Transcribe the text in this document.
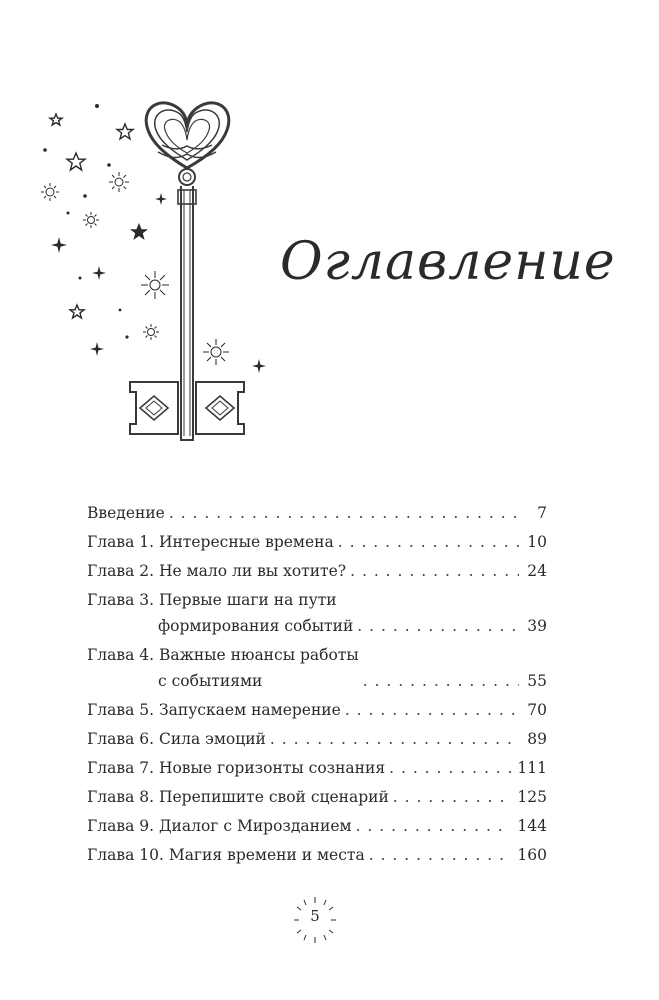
Оглавление
Введение . . .	7
Глава 1. Интересные времена . . .	10
Глава 2. Не мало ли вы хотите? . . .	24
Глава 3. Первые шаги на пути
формирования событий . . .	39
Глава 4. Важные нюансы работы
с событиями . . .	55
Глава 5. Запускаем намерение . . .	70
Глава 6. Сила эмоций . . .	89
Глава 7. Новые горизонты сознания . . .	111
Глава 8. Перепишите свой сценарий . . .	125
Глава 9. Диалог с Мирозданием . . .	144
Глава 10. Магия времени и места . . .	160
5
